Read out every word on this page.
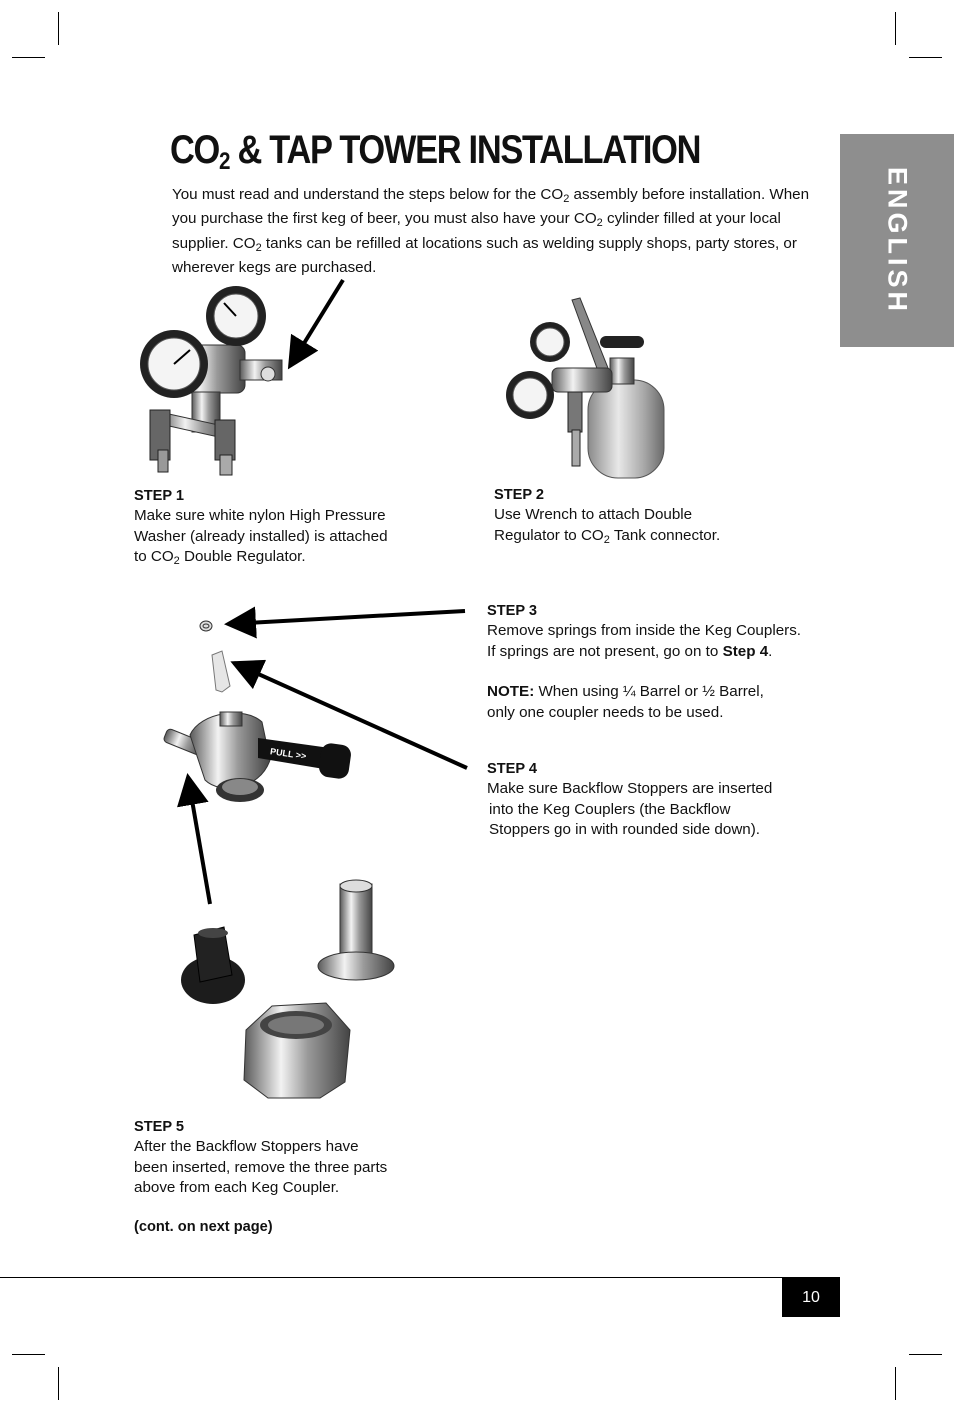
$CO_2$ & TAP TOWER INSTALLATION
You must read and understand the steps below for the $CO_2$ assembly before installation. When you purchase the first keg of beer, you must also have your $CO_2$ cylinder filled at your local supplier. $CO_2$ tanks can be refilled at locations such as welding supply shops, party stores, or wherever kegs are purchased.	ENGLISH
PULL >>
STEP 1

Make sure white nylon High Pressure

Washer (already installed) is attached

to $CO_2$ Double Regulator.

STEP 2

Use Wrench to attach Double

Regulator to $CO_2$ Tank connector.

STEP 3

Remove springs from inside the Keg Couplers.

If springs are not present, go on to Step 4.

NOTE: When using ¼ Barrel or ½ Barrel,

only one coupler needs to be used.

STEP 4

Make sure Backflow Stoppers are inserted

into the Keg Couplers (the Backflow

Stoppers go in with rounded side down).

STEP 5

After the Backflow Stoppers have

been inserted, remove the three parts

above from each Keg Coupler.

(cont. on next page)

10
